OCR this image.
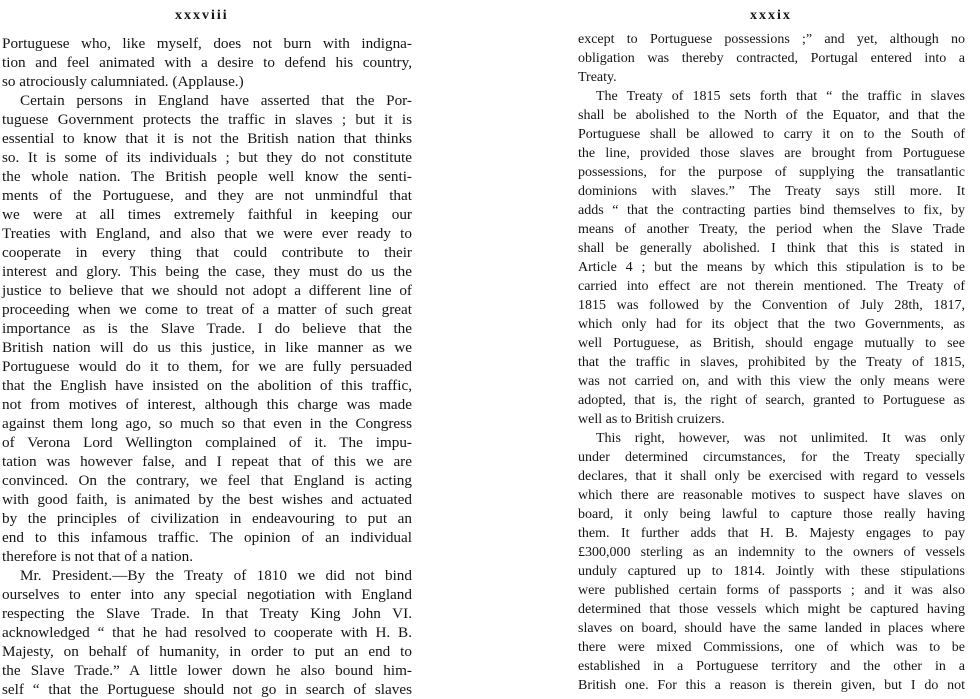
xxxviii
Portuguese who, like myself, does not burn with indigna-
tion and feel animated with a desire to defend his country,
so atrociously calumniated. (Applause.)
Certain persons in England have asserted that the Por-
tuguese Government protects the traffic in slaves ; but it is
essential to know that it is not the British nation that thinks
so. It is some of its individuals ; but they do not constitute
the whole nation. The British people well know the senti-
ments of the Portuguese, and they are not unmindful that
we were at all times extremely faithful in keeping our
Treaties with England, and also that we were ever ready to
cooperate in every thing that could contribute to their
interest and glory. This being the case, they must do us the
justice to believe that we should not adopt a different line of
proceeding when we come to treat of a matter of such great
importance as is the Slave Trade. I do believe that the
British nation will do us this justice, in like manner as we
Portuguese would do it to them, for we are fully persuaded
that the English have insisted on the abolition of this traffic,
not from motives of interest, although this charge was made
against them long ago, so much so that even in the Congress
of Verona Lord Wellington complained of it. The impu-
tation was however false, and I repeat that of this we are
convinced. On the contrary, we feel that England is acting
with good faith, is animated by the best wishes and actuated
by the principles of civilization in endeavouring to put an
end to this infamous traffic. The opinion of an individual
therefore is not that of a nation.
Mr. President.—By the Treaty of 1810 we did not bind
ourselves to enter into any special negotiation with England
respecting the Slave Trade. In that Treaty King John VI.
acknowledged “ that he had resolved to cooperate with H. B.
Majesty, on behalf of humanity, in order to put an end to
the Slave Trade.” A little lower down he also bound him-
self “ that the Portuguese should not go in search of slaves
xxxix
except to Portuguese possessions ;” and yet, although no
obligation was thereby contracted, Portugal entered into a
Treaty.
The Treaty of 1815 sets forth that “ the traffic in slaves
shall be abolished to the North of the Equator, and that the
Portuguese shall be allowed to carry it on to the South of
the line, provided those slaves are brought from Portuguese
possessions, for the purpose of supplying the transatlantic
dominions with slaves.” The Treaty says still more. It
adds “ that the contracting parties bind themselves to fix, by
means of another Treaty, the period when the Slave Trade
shall be generally abolished. I think that this is stated in
Article 4 ; but the means by which this stipulation is to be
carried into effect are not therein mentioned. The Treaty of
1815 was followed by the Convention of July 28th, 1817,
which only had for its object that the two Governments, as
well Portuguese, as British, should engage mutually to see
that the traffic in slaves, prohibited by the Treaty of 1815,
was not carried on, and with this view the only means were
adopted, that is, the right of search, granted to Portuguese as
well as to British cruizers.
This right, however, was not unlimited. It was only
under determined circumstances, for the Treaty specially
declares, that it shall only be exercised with regard to vessels
which there are reasonable motives to suspect have slaves on
board, it only being lawful to capture those really having
them. It further adds that H. B. Majesty engages to pay
£300,000 sterling as an indemnity to the owners of vessels
unduly captured up to 1814. Jointly with these stipulations
were published certain forms of passports ; and it was also
determined that those vessels which might be captured having
slaves on board, should have the same landed in places where
there were mixed Commissions, one of which was to be
established in a Portuguese territory and the other in a
British one. For this a reason is therein given, but I do not
